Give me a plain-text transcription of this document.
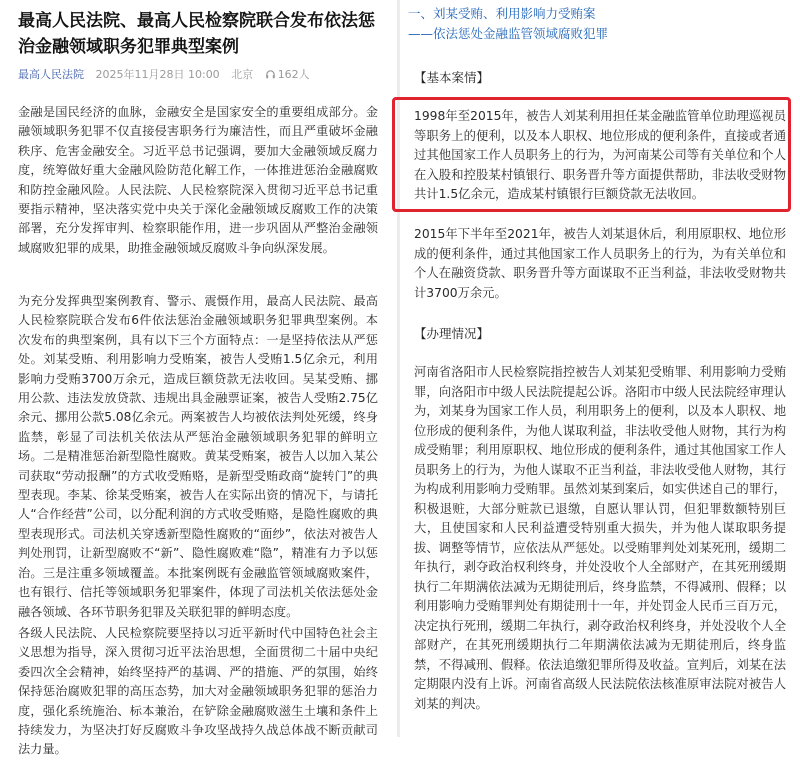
最高人民法院、最高人民检察院联合发布依法惩治金融领域职务犯罪典型案例
最高人民法院 2025年11月28日 10:00 北京 162人

金融是国民经济的血脉，金融安全是国家安全的重要组成部分。金融领域职务犯罪不仅直接侵害职务行为廉洁性，而且严重破坏金融秩序、危害金融安全。习近平总书记强调，要加大金融领域反腐力度，统筹做好重大金融风险防范化解工作，一体推进惩治金融腐败和防控金融风险。人民法院、人民检察院深入贯彻习近平总书记重要指示精神，坚决落实党中央关于深化金融领域反腐败工作的决策部署，充分发挥审判、检察职能作用，进一步巩固从严整治金融领域腐败犯罪的成果，助推金融领域反腐败斗争向纵深发展。

为充分发挥典型案例教育、警示、震慑作用，最高人民法院、最高人民检察院联合发布6件依法惩治金融领域职务犯罪典型案例。本次发布的典型案例，具有以下三个方面特点：一是坚持依法从严惩处。刘某受贿、利用影响力受贿案，被告人受贿1.5亿余元，利用影响力受贿3700万余元，造成巨额贷款无法收回。吴某受贿、挪用公款、违法发放贷款、违规出具金融票证案，被告人受贿2.75亿余元、挪用公款5.08亿余元。两案被告人均被依法判处死缓，终身监禁，彰显了司法机关依法从严惩治金融领域职务犯罪的鲜明立场。二是精准惩治新型隐性腐败。黄某受贿案，被告人以加入某公司获取“劳动报酬”的方式收受贿赂，是新型受贿政商“旋转门”的典型表现。李某、徐某受贿案，被告人在实际出资的情况下，与请托人“合作经营”公司，以分配利润的方式收受贿赂，是隐性腐败的典型表现形式。司法机关穿透新型隐性腐败的“面纱”，依法对被告人判处刑罚，让新型腐败不“新”、隐性腐败难“隐”，精准有力予以惩治。三是注重多领域覆盖。本批案例既有金融监管领域腐败案件，也有银行、信托等领域职务犯罪案件，体现了司法机关依法惩处金融各领域、各环节职务犯罪及关联犯罪的鲜明态度。

各级人民法院、人民检察院要坚持以习近平新时代中国特色社会主义思想为指导，深入贯彻习近平法治思想，全面贯彻二十届中央纪委四次全会精神，始终坚持严的基调、严的措施、严的氛围，始终保持惩治腐败犯罪的高压态势，加大对金融领域职务犯罪的惩治力度，强化系统施治、标本兼治，在铲除金融腐败滋生土壤和条件上持续发力，为坚决打好反腐败斗争攻坚战持久战总体战不断贡献司法力量。

一、刘某受贿、利用影响力受贿案

——依法惩处金融监管领域腐败犯罪

【基本案情】

1998年至2015年，被告人刘某利用担任某金融监管单位助理巡视员等职务上的便利，以及本人职权、地位形成的便利条件，直接或者通过其他国家工作人员职务上的行为，为河南某公司等有关单位和个人在入股和控股某村镇银行、职务晋升等方面提供帮助，非法收受财物共计1.5亿余元，造成某村镇银行巨额贷款无法收回。

2015年下半年至2021年，被告人刘某退休后，利用原职权、地位形成的便利条件，通过其他国家工作人员职务上的行为，为有关单位和个人在融资贷款、职务晋升等方面谋取不正当利益，非法收受财物共计3700万余元。

【办理情况】

河南省洛阳市人民检察院指控被告人刘某犯受贿罪、利用影响力受贿罪，向洛阳市中级人民法院提起公诉。洛阳市中级人民法院经审理认为，刘某身为国家工作人员，利用职务上的便利，以及本人职权、地位形成的便利条件，为他人谋取利益，非法收受他人财物，其行为构成受贿罪；利用原职权、地位形成的便利条件，通过其他国家工作人员职务上的行为，为他人谋取不正当利益，非法收受他人财物，其行为构成利用影响力受贿罪。虽然刘某到案后，如实供述自己的罪行，积极退赃，大部分赃款已退缴，自愿认罪认罚，但犯罪数额特别巨大，且使国家和人民利益遭受特别重大损失，并为他人谋取职务提拔、调整等情节，应依法从严惩处。以受贿罪判处刘某死刑，缓期二年执行，剥夺政治权利终身，并处没收个人全部财产，在其死刑缓期执行二年期满依法减为无期徒刑后，终身监禁，不得减刑、假释；以利用影响力受贿罪判处有期徒刑十一年，并处罚金人民币三百万元，决定执行死刑，缓期二年执行，剥夺政治权利终身，并处没收个人全部财产，在其死刑缓期执行二年期满依法减为无期徒刑后，终身监禁，不得减刑、假释。依法追缴犯罪所得及收益。宣判后，刘某在法定期限内没有上诉。河南省高级人民法院依法核准原审法院对被告人刘某的判决。
